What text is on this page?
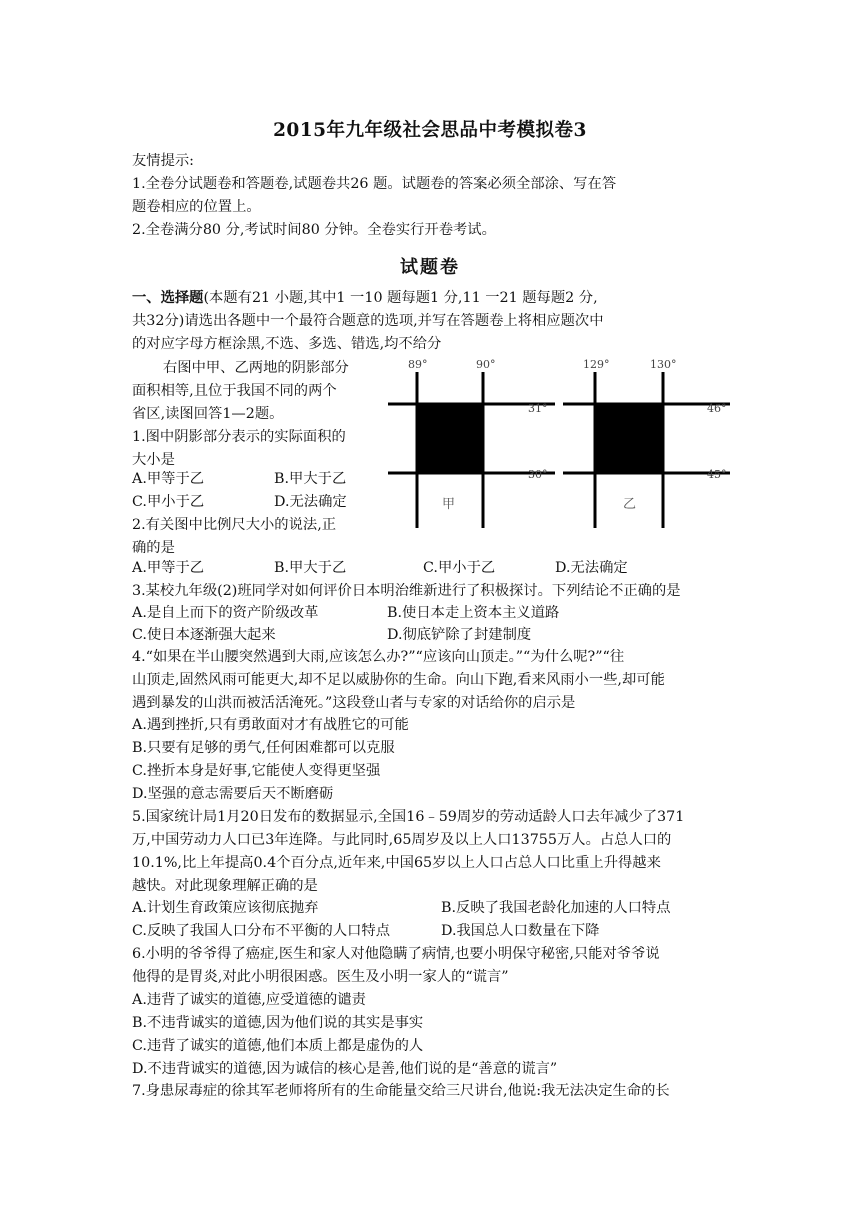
2015年九年级社会思品中考模拟卷3
友情提示:
1.全卷分试题卷和答题卷,试题卷共26 题。试题卷的答案必须全部涂、写在答
题卷相应的位置上。
2.全卷满分80 分,考试时间80 分钟。全卷实行开卷考试。
试题卷
一、选择题(本题有21 小题,其中1 一10 题每题1 分,11 一21 题每题2 分,
共32分)请选出各题中一个最符合题意的选项,并写在答题卷上将相应题次中
的对应字母方框涂黑,不选、多选、错选,均不给分
右图中甲、乙两地的阴影部分
面积相等,且位于我国不同的两个
省区,读图回答1—2题。
1.图中阴影部分表示的实际面积的
大小是
A.甲等于乙	B.甲大于乙
C.甲小于乙	D.无法确定
2.有关图中比例尺大小的说法,正
确的是
A.甲等于乙	B.甲大于乙	C.甲小于乙	D.无法确定
3.某校九年级(2)班同学对如何评价日本明治维新进行了积极探讨。下列结论不正确的是
A.是自上而下的资产阶级改革	B.使日本走上资本主义道路
C.使日本逐渐强大起来	D.彻底铲除了封建制度
4.“如果在半山腰突然遇到大雨,应该怎么办?”“应该向山顶走。”“为什么呢?”“往
山顶走,固然风雨可能更大,却不足以威胁你的生命。向山下跑,看来风雨小一些,却可能
遇到暴发的山洪而被活活淹死。”这段登山者与专家的对话给你的启示是
A.遇到挫折,只有勇敢面对才有战胜它的可能
B.只要有足够的勇气,任何困难都可以克服
C.挫折本身是好事,它能使人变得更坚强
D.坚强的意志需要后天不断磨砺
5.国家统计局1月20日发布的数据显示,全国16﹣59周岁的劳动适龄人口去年减少了371
万,中国劳动力人口已3年连降。与此同时,65周岁及以上人口13755万人。占总人口的
10.1%,比上年提高0.4个百分点,近年来,中国65岁以上人口占总人口比重上升得越来
越快。对此现象理解正确的是
A.计划生育政策应该彻底抛弃	B.反映了我国老龄化加速的人口特点
C.反映了我国人口分布不平衡的人口特点	D.我国总人口数量在下降
6.小明的爷爷得了癌症,医生和家人对他隐瞒了病情,也要小明保守秘密,只能对爷爷说
他得的是胃炎,对此小明很困惑。医生及小明一家人的“谎言”
A.违背了诚实的道德,应受道德的谴责
B.不违背诚实的道德,因为他们说的其实是事实
C.违背了诚实的道德,他们本质上都是虚伪的人
D.不违背诚实的道德,因为诚信的核心是善,他们说的是“善意的谎言”
7.身患尿毒症的徐其军老师将所有的生命能量交给三尺讲台,他说:我无法决定生命的长
89°	90°
31°
30°
甲
129°	130°
46°
45°
乙
